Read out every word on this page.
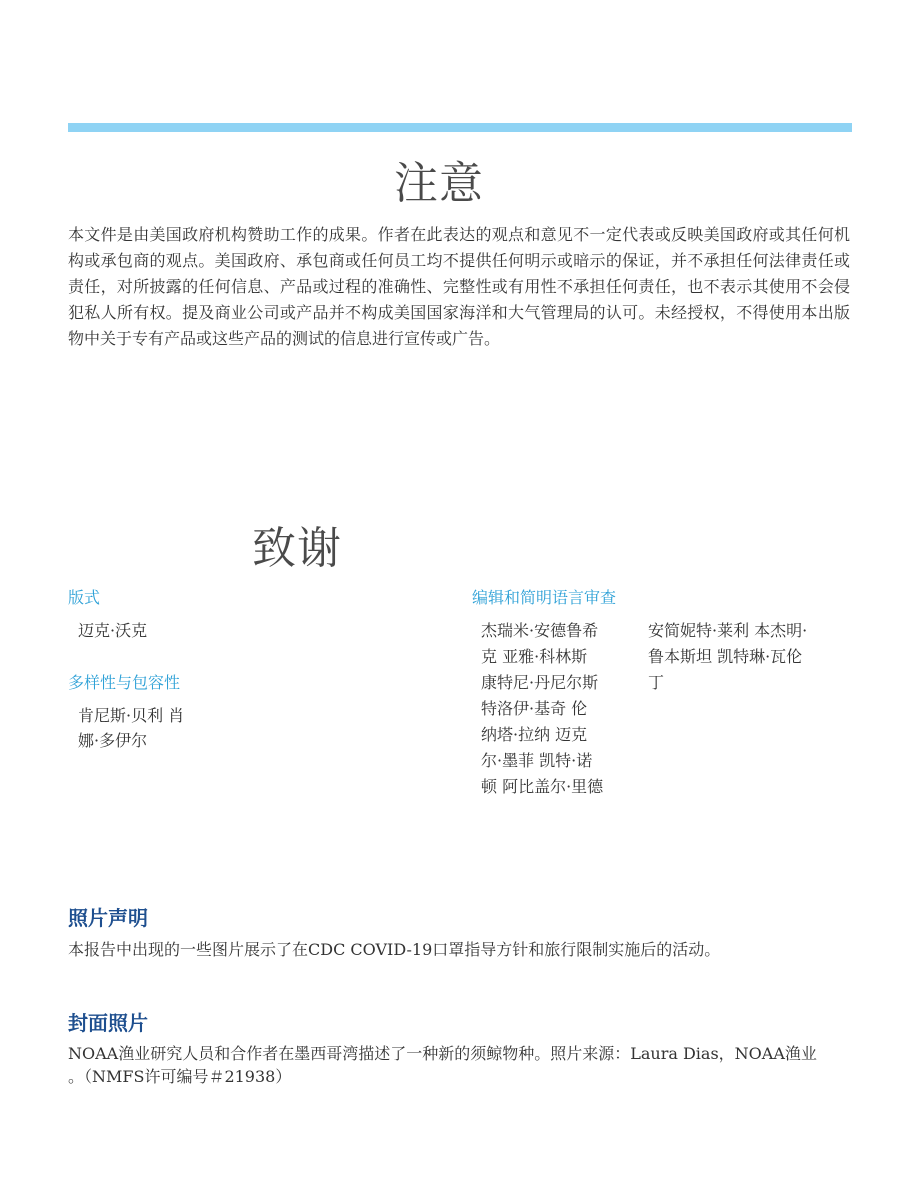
注意

本文件是由美国政府机构赞助工作的成果。作者在此表达的观点和意见不一定代表或反映美国政府或其任何机构或承包商的观点。美国政府、承包商或任何员工均不提供任何明示或暗示的保证，并不承担任何法律责任或责任，对所披露的任何信息、产品或过程的准确性、完整性或有用性不承担任何责任，也不表示其使用不会侵犯私人所有权。提及商业公司或产品并不构成美国国家海洋和大气管理局的认可。未经授权，不得使用本出版物中关于专有产品或这些产品的测试的信息进行宣传或广告。

致谢

版式

迈克·沃克

多样性与包容性

肯尼斯·贝利 肖

娜·多伊尔

编辑和简明语言审查

杰瑞米·安德鲁希

克 亚雅·科林斯

康特尼·丹尼尔斯

特洛伊·基奇 伦

纳塔·拉纳 迈克

尔·墨菲 凯特·诺

顿 阿比盖尔·里德

安简妮特·莱利 本杰明·

鲁本斯坦 凯特琳·瓦伦

丁

照片声明

本报告中出现的一些图片展示了在CDC COVID-19口罩指导方针和旅行限制实施后的活动。

封面照片

NOAA渔业研究人员和合作者在墨西哥湾描述了一种新的须鲸物种。照片来源：Laura Dias，NOAA渔业

。（NMFS许可编号＃21938）
